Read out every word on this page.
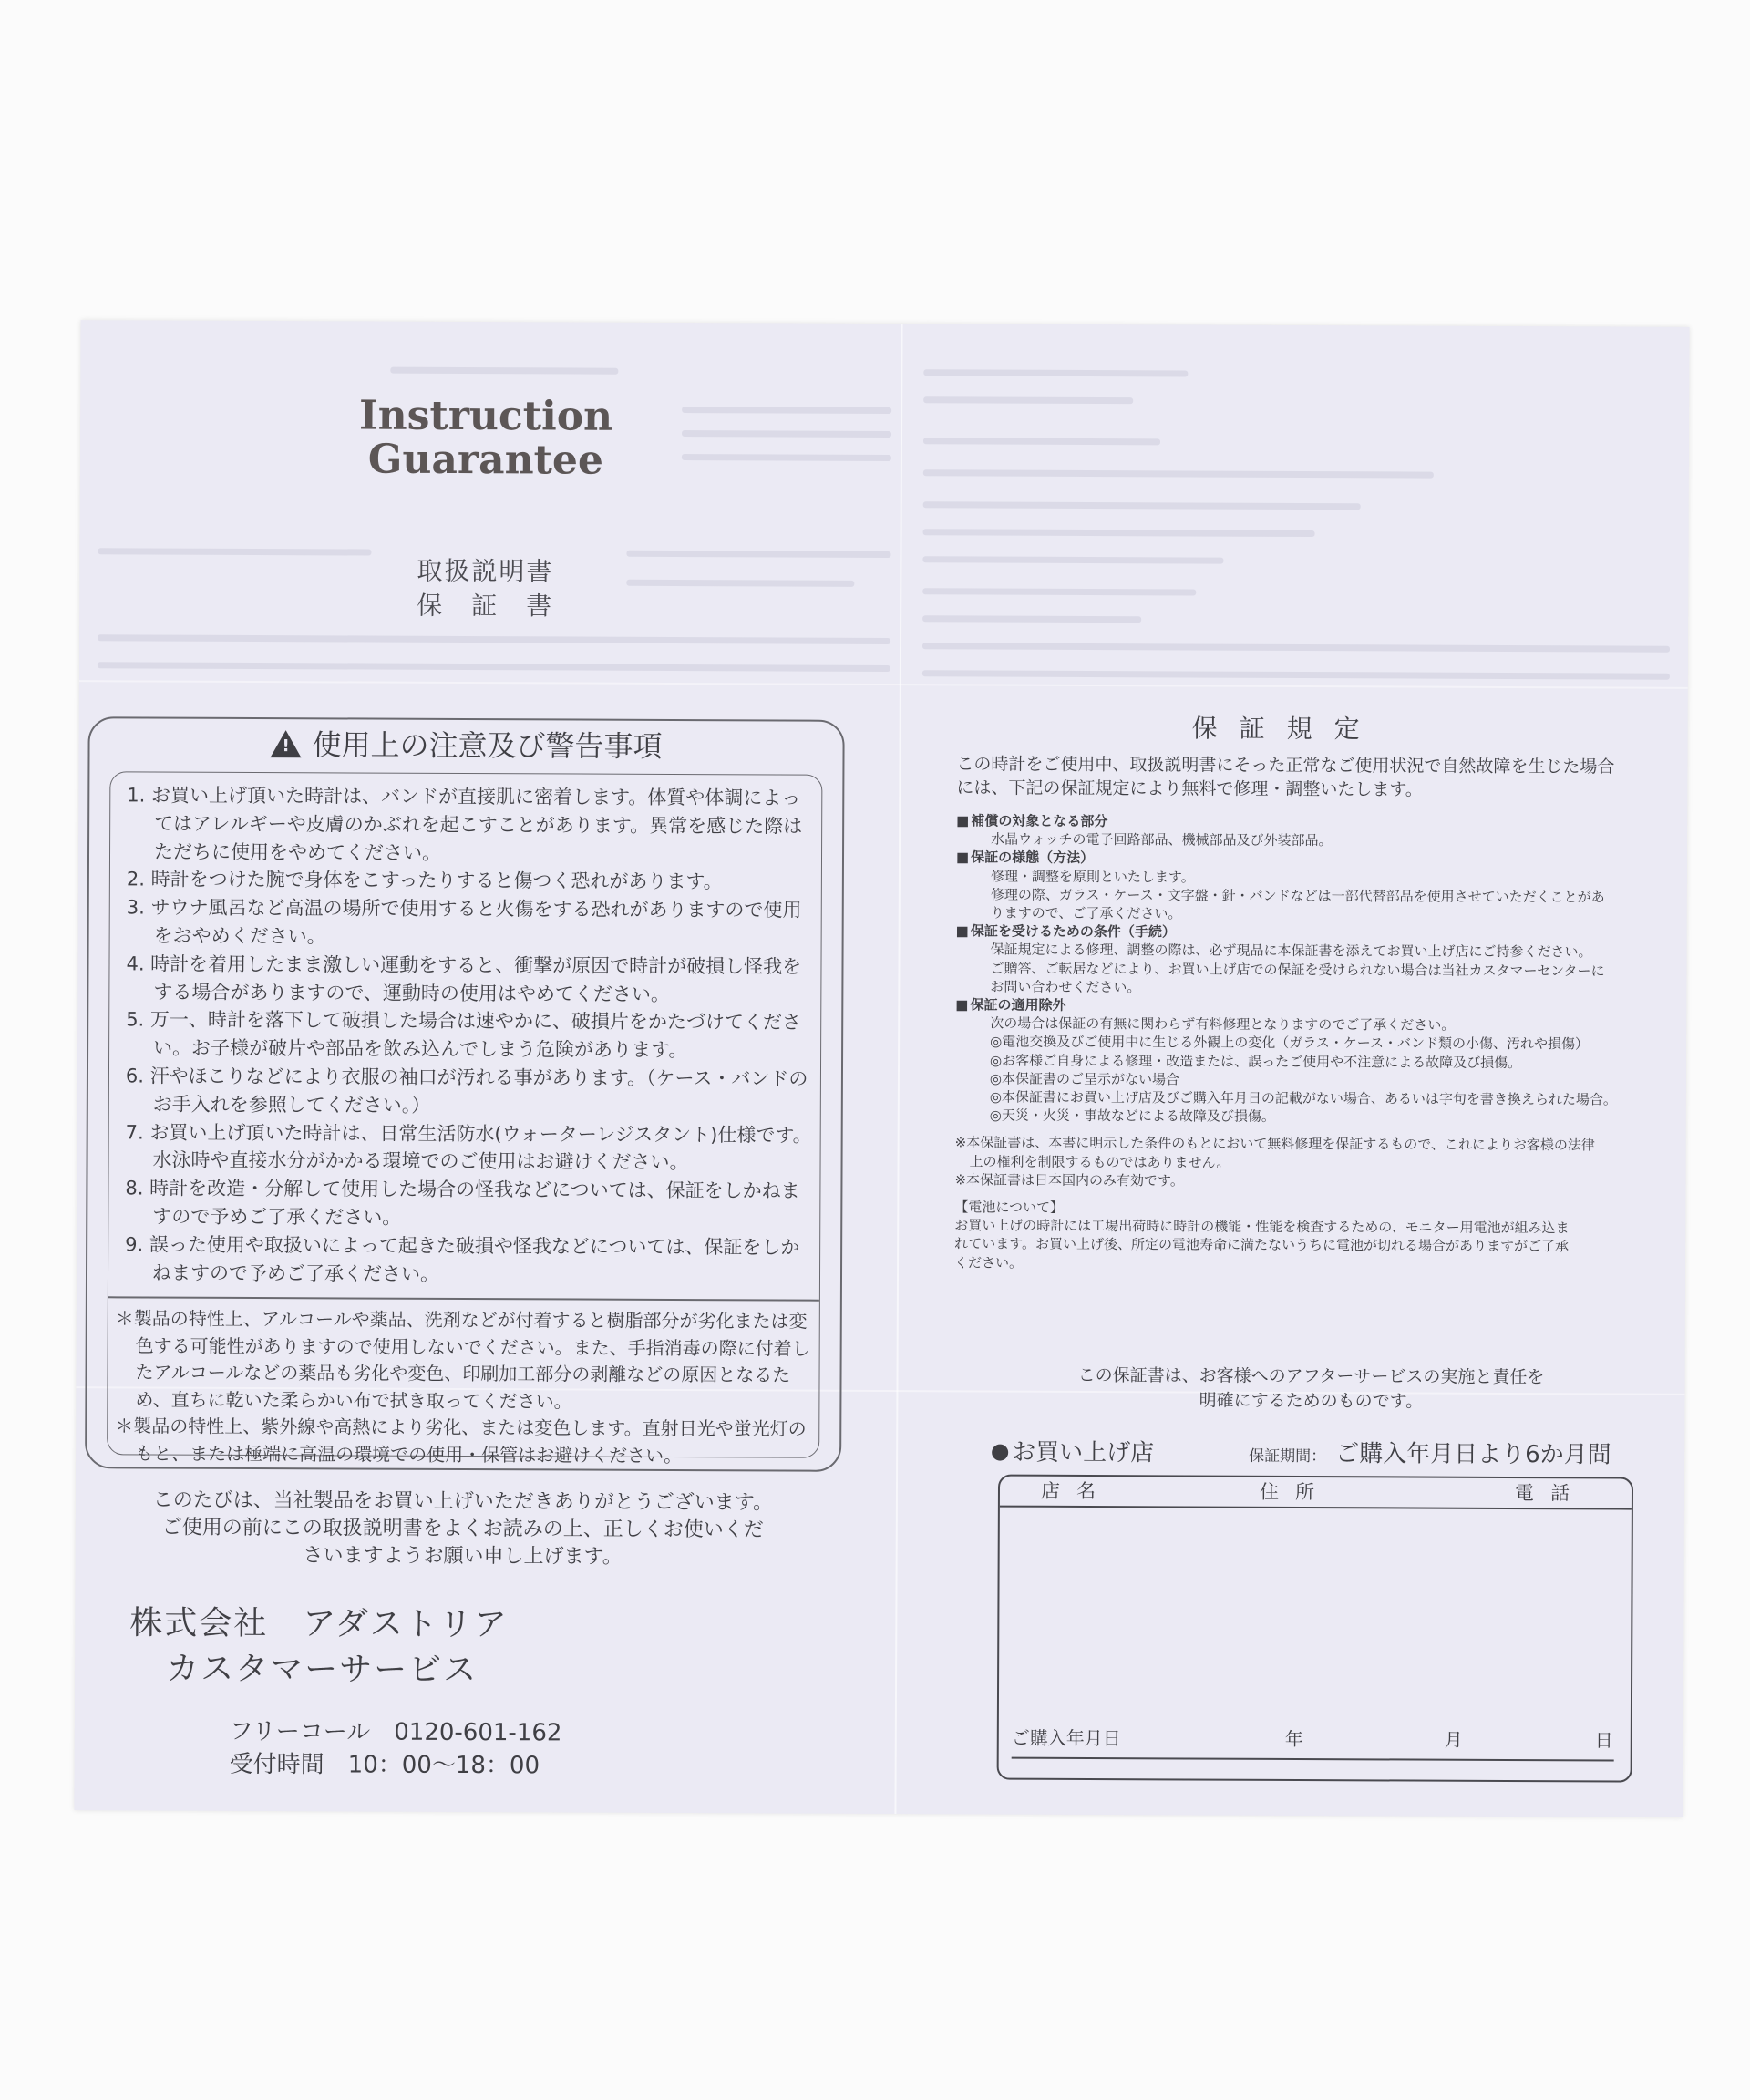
Instruction
Guarantee
取扱説明書
保　証　書
!使用上の注意及び警告事項
1. お買い上げ頂いた時計は、バンドが直接肌に密着します。体質や体調によってはアレルギーや皮膚のかぶれを起こすことがあります。異常を感じた際はただちに使用をやめてください。
2. 時計をつけた腕で身体をこすったりすると傷つく恐れがあります。
3. サウナ風呂など高温の場所で使用すると火傷をする恐れがありますので使用をおやめください。
4. 時計を着用したまま激しい運動をすると、衝撃が原因で時計が破損し怪我をする場合がありますので、運動時の使用はやめてください。
5. 万一、時計を落下して破損した場合は速やかに、破損片をかたづけてください。お子様が破片や部品を飲み込んでしまう危険があります。
6. 汗やほこりなどにより衣服の袖口が汚れる事があります。（ケース・バンドのお手入れを参照してください。）
7. お買い上げ頂いた時計は、日常生活防水(ウォーターレジスタント)仕様です。水泳時や直接水分がかかる環境でのご使用はお避けください。
8. 時計を改造・分解して使用した場合の怪我などについては、保証をしかねますので予めご了承ください。
9. 誤った使用や取扱いによって起きた破損や怪我などについては、保証をしかねますので予めご了承ください。
＊製品の特性上、アルコールや薬品、洗剤などが付着すると樹脂部分が劣化または変色する可能性がありますので使用しないでください。また、手指消毒の際に付着したアルコールなどの薬品も劣化や変色、印刷加工部分の剥離などの原因となるため、直ちに乾いた柔らかい布で拭き取ってください。
＊製品の特性上、紫外線や高熱により劣化、または変色します。直射日光や蛍光灯のもと、または極端に高温の環境での使用・保管はお避けください。
このたびは、当社製品をお買い上げいただきありがとうございます。
ご使用の前にこの取扱説明書をよくお読みの上、正しくお使いくだ
さいますようお願い申し上げます。
株式会社　アダストリア
カスタマーサービス
フリーコール　 0120-601-162
受付時間　 10：00～18：00
保証規定
この時計をご使用中、取扱説明書にそった正常なご使用状況で自然故障を生じた場合
には、下記の保証規定により無料で修理・調整いたします。
■ 補償の対象となる部分
水晶ウォッチの電子回路部品、機械部品及び外装部品。
■ 保証の様態（方法）
修理・調整を原則といたします。
修理の際、ガラス・ケース・文字盤・針・バンドなどは一部代替部品を使用させていただくことがあ
りますので、ご了承ください。
■ 保証を受けるための条件（手続）
保証規定による修理、調整の際は、必ず現品に本保証書を添えてお買い上げ店にご持参ください。
ご贈答、ご転居などにより、お買い上げ店での保証を受けられない場合は当社カスタマーセンターに
お問い合わせください。
■ 保証の適用除外
次の場合は保証の有無に関わらず有料修理となりますのでご了承ください。
◎電池交換及びご使用中に生じる外観上の変化（ガラス・ケース・バンド類の小傷、汚れや損傷）
◎お客様ご自身による修理・改造または、誤ったご使用や不注意による故障及び損傷。
◎本保証書のご呈示がない場合
◎本保証書にお買い上げ店及びご購入年月日の記載がない場合、あるいは字句を書き換えられた場合。
◎天災・火災・事故などによる故障及び損傷。
※本保証書は、本書に明示した条件のもとにおいて無料修理を保証するもので、これによりお客様の法律
上の権利を制限するものではありません。
※本保証書は日本国内のみ有効です。
【電池について】
お買い上げの時計には工場出荷時に時計の機能・性能を検査するための、モニター用電池が組み込ま
れています。お買い上げ後、所定の電池寿命に満たないうちに電池が切れる場合がありますがご了承
ください。
この保証書は、お客様へのアフターサービスの実施と責任を
明確にするためのものです。
お買い上げ店	保証期間： ご購入年月日より6か月間
店名	住所	電話
ご購入年月日	年	月	日
